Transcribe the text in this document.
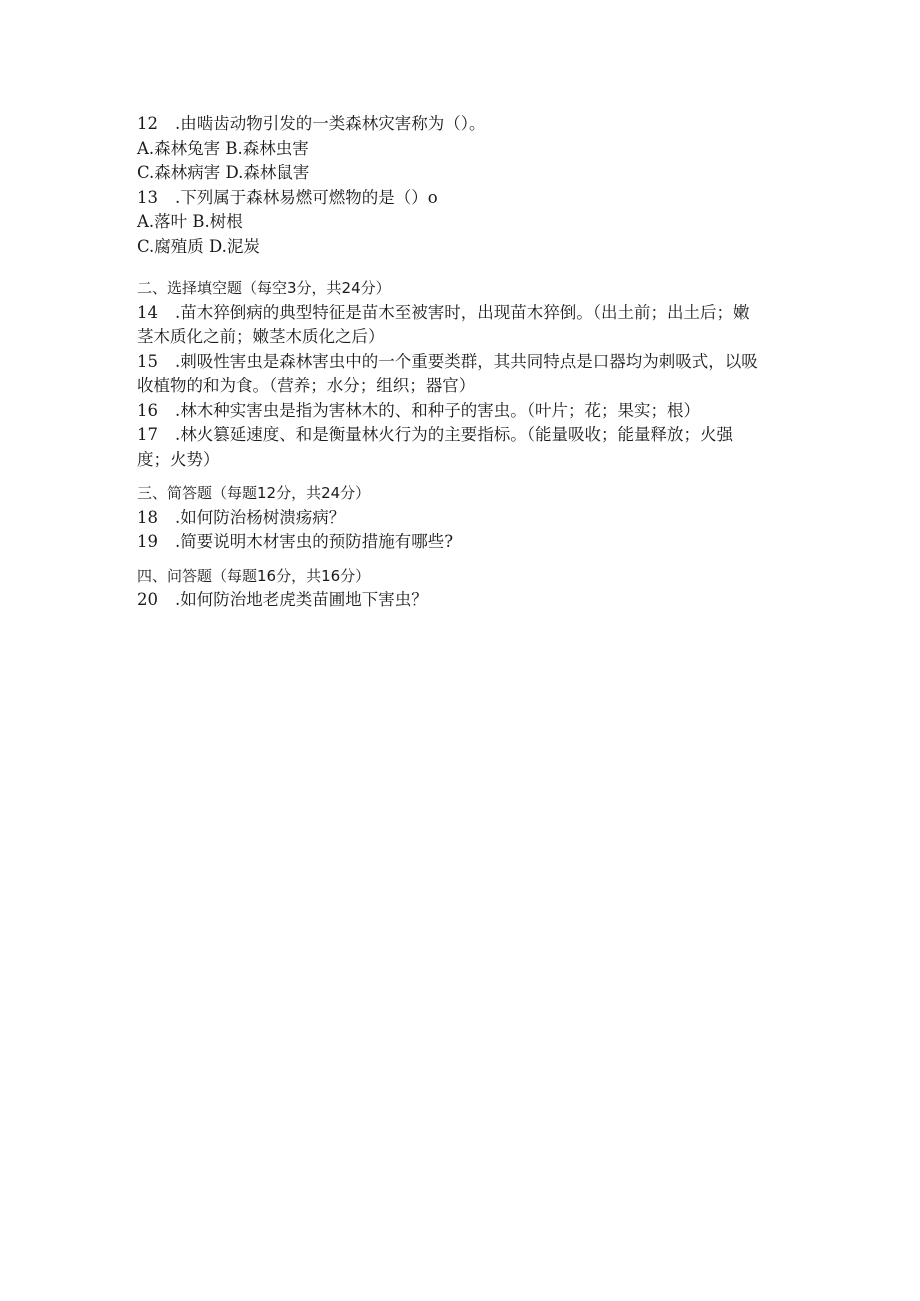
12 .由啮齿动物引发的一类森林灾害称为（）。
A.森林兔害 B.森林虫害
C.森林病害 D.森林鼠害
13 .下列属于森林易燃可燃物的是（）o
A.落叶 B.树根
C.腐殖质 D.泥炭
二、选择填空题（每空3分，共24分）
14 .苗木猝倒病的典型特征是苗木至被害时，出现苗木猝倒。（出土前；出土后；嫩
茎木质化之前；嫩茎木质化之后）
15 .刺吸性害虫是森林害虫中的一个重要类群，其共同特点是口器均为刺吸式，以吸
收植物的和为食。（营养；水分；组织；器官）
16 .林木种实害虫是指为害林木的、和种子的害虫。（叶片；花；果实；根）
17 .林火篡延速度、和是衡量林火行为的主要指标。（能量吸收；能量释放；火强
度；火势）
三、简答题（每题12分，共24分）
18 .如何防治杨树溃疡病？
19 .简要说明木材害虫的预防措施有哪些?
四、问答题（每题16分，共16分）
20 .如何防治地老虎类苗圃地下害虫？
